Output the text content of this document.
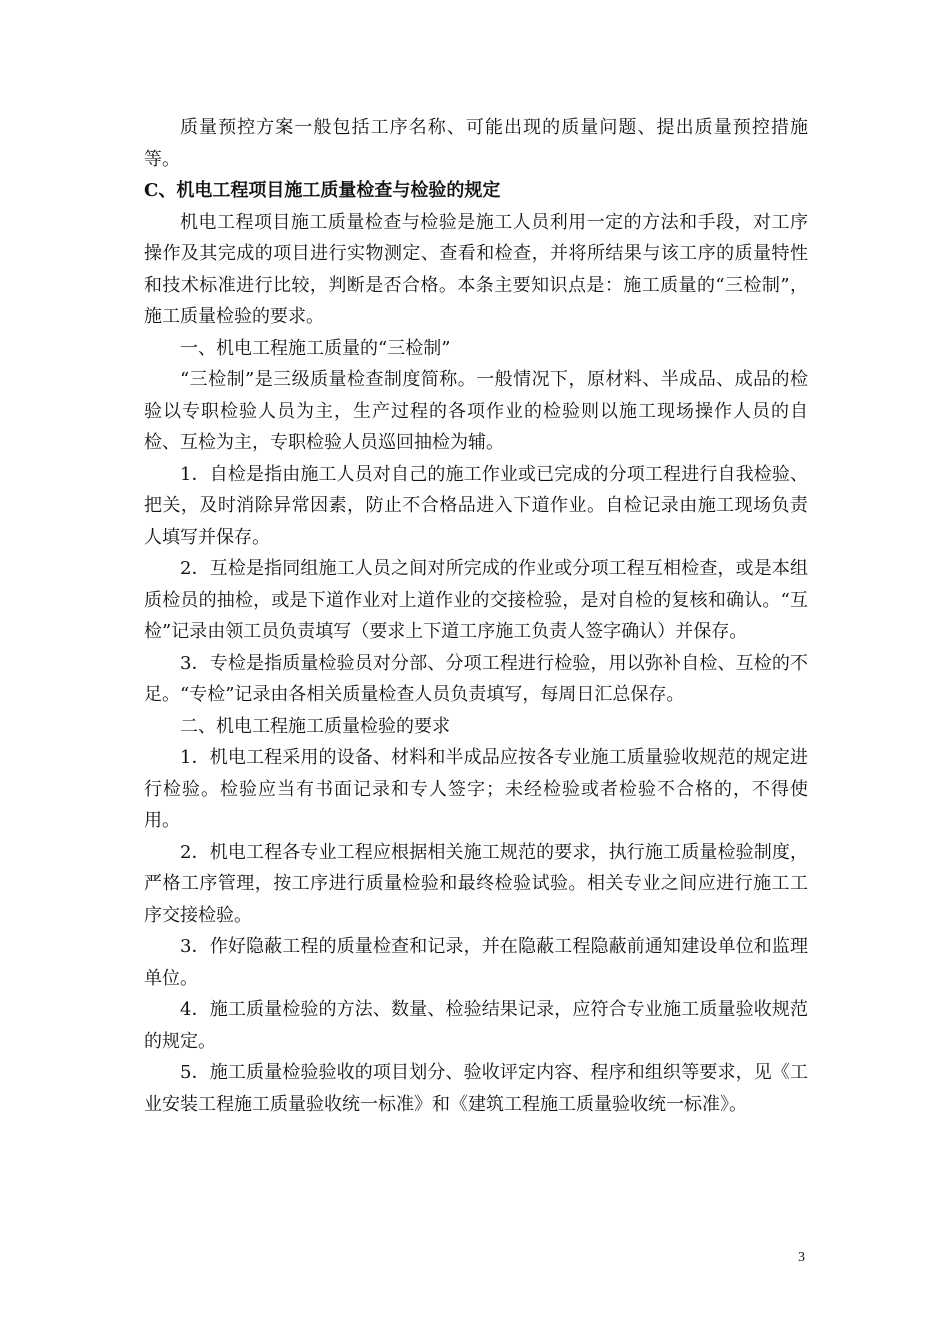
质量预控方案一般包括工序名称、可能出现的质量问题、提出质量预控措施等。

C、机电工程项目施工质量检查与检验的规定

机电工程项目施工质量检查与检验是施工人员利用一定的方法和手段，对工序操作及其完成的项目进行实物测定、查看和检查，并将所结果与该工序的质量特性和技术标准进行比较，判断是否合格。本条主要知识点是：施工质量的“三检制”，施工质量检验的要求。

一、机电工程施工质量的“三检制”

“三检制”是三级质量检查制度简称。一般情况下，原材料、半成品、成品的检验以专职检验人员为主，生产过程的各项作业的检验则以施工现场操作人员的自检、互检为主，专职检验人员巡回抽检为辅。

1．自检是指由施工人员对自己的施工作业或已完成的分项工程进行自我检验、把关，及时消除异常因素，防止不合格品进入下道作业。自检记录由施工现场负责人填写并保存。

2．互检是指同组施工人员之间对所完成的作业或分项工程互相检查，或是本组质检员的抽检，或是下道作业对上道作业的交接检验，是对自检的复核和确认。“互检”记录由领工员负责填写（要求上下道工序施工负责人签字确认）并保存。

3．专检是指质量检验员对分部、分项工程进行检验，用以弥补自检、互检的不足。“专检”记录由各相关质量检查人员负责填写，每周日汇总保存。

二、机电工程施工质量检验的要求

1．机电工程采用的设备、材料和半成品应按各专业施工质量验收规范的规定进行检验。检验应当有书面记录和专人签字；未经检验或者检验不合格的，不得使用。

2．机电工程各专业工程应根据相关施工规范的要求，执行施工质量检验制度，严格工序管理，按工序进行质量检验和最终检验试验。相关专业之间应进行施工工序交接检验。

3．作好隐蔽工程的质量检查和记录，并在隐蔽工程隐蔽前通知建设单位和监理单位。

4．施工质量检验的方法、数量、检验结果记录，应符合专业施工质量验收规范的规定。

5．施工质量检验验收的项目划分、验收评定内容、程序和组织等要求，见《工业安装工程施工质量验收统一标准》和《建筑工程施工质量验收统一标准》。

3
